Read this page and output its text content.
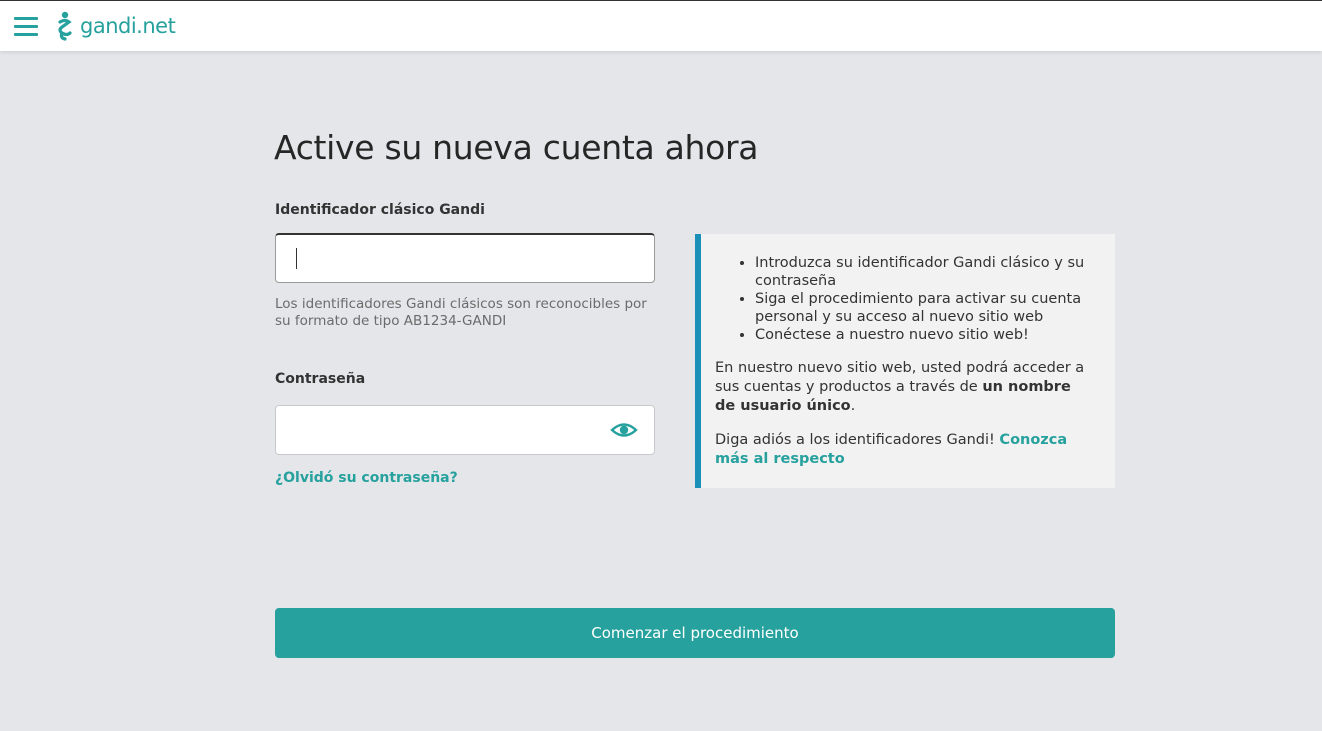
gandi.net
Active su nueva cuenta ahora
Identificador clásico Gandi

Los identificadores Gandi clásicos son reconocibles por su formato de tipo AB1234-GANDI

Contraseña
¿Olvidó su contraseña?
• Introduzca su identificador Gandi clásico y su contraseña
• Siga el procedimiento para activar su cuenta personal y su acceso al nuevo sitio web
• Conéctese a nuestro nuevo sitio web!

En nuestro nuevo sitio web, usted podrá acceder a sus cuentas y productos a través de un nombre de usuario único.

Diga adiós a los identificadores Gandi! Conozca más al respecto

Comenzar el procedimiento
